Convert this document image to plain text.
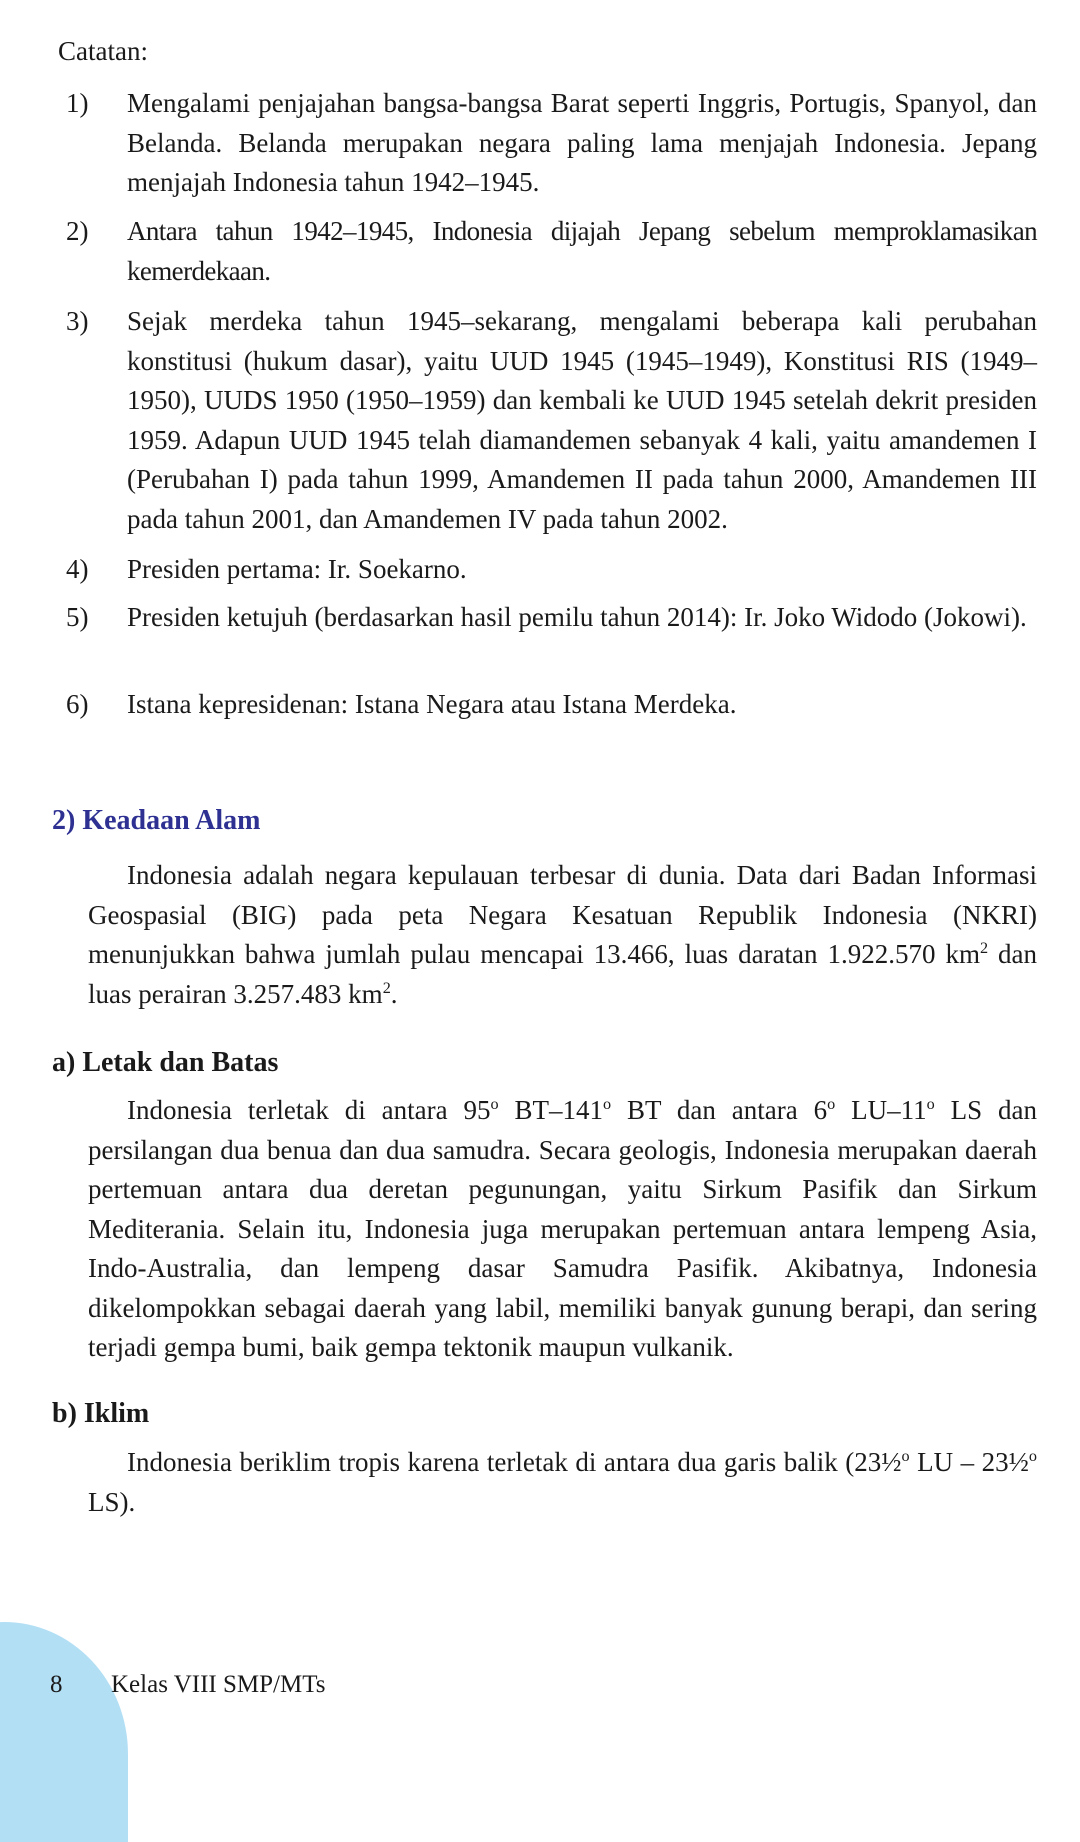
Catatan:
1) Mengalami penjajahan bangsa-bangsa Barat seperti Inggris, Portugis, Spanyol, dan Belanda. Belanda merupakan negara paling lama menjajah Indonesia. Jepang menjajah Indonesia tahun 1942–1945.
2) Antara tahun 1942–1945, Indonesia dijajah Jepang sebelum memproklamasikan kemerdekaan.
3) Sejak merdeka tahun 1945–sekarang, mengalami beberapa kali perubahan konstitusi (hukum dasar), yaitu UUD 1945 (1945–1949), Konstitusi RIS (1949–1950), UUDS 1950 (1950–1959) dan kembali ke UUD 1945 setelah dekrit presiden 1959. Adapun UUD 1945 telah diamandemen sebanyak 4 kali, yaitu amandemen I (Perubahan I) pada tahun 1999, Amandemen II pada tahun 2000, Amandemen III pada tahun 2001, dan Amandemen IV pada tahun 2002.
4) Presiden pertama: Ir. Soekarno.
5) Presiden ketujuh (berdasarkan hasil pemilu tahun 2014): Ir. Joko Widodo (Jokowi).
6) Istana kepresidenan: Istana Negara atau Istana Merdeka.
2) Keadaan Alam
Indonesia adalah negara kepulauan terbesar di dunia. Data dari Badan Informasi Geospasial (BIG) pada peta Negara Kesatuan Republik Indonesia (NKRI) menunjukkan bahwa jumlah pulau mencapai 13.466, luas daratan 1.922.570 $km^2$ dan luas perairan 3.257.483 $km^2$.
a) Letak dan Batas
Indonesia terletak di antara 95$^o$ BT–141$^o$ BT dan antara 6$^o$ LU–11$^o$ LS dan persilangan dua benua dan dua samudra. Secara geologis, Indonesia merupakan daerah pertemuan antara dua deretan pegunungan, yaitu Sirkum Pasifik dan Sirkum Mediterania. Selain itu, Indonesia juga merupakan pertemuan antara lempeng Asia, Indo-Australia, dan lempeng dasar Samudra Pasifik. Akibatnya, Indonesia dikelompokkan sebagai daerah yang labil, memiliki banyak gunung berapi, dan sering terjadi gempa bumi, baik gempa tektonik maupun vulkanik.
b) Iklim
Indonesia beriklim tropis karena terletak di antara dua garis balik (23½$^o$ LU – 23½$^o$ LS).
8 Kelas VIII SMP/MTs
